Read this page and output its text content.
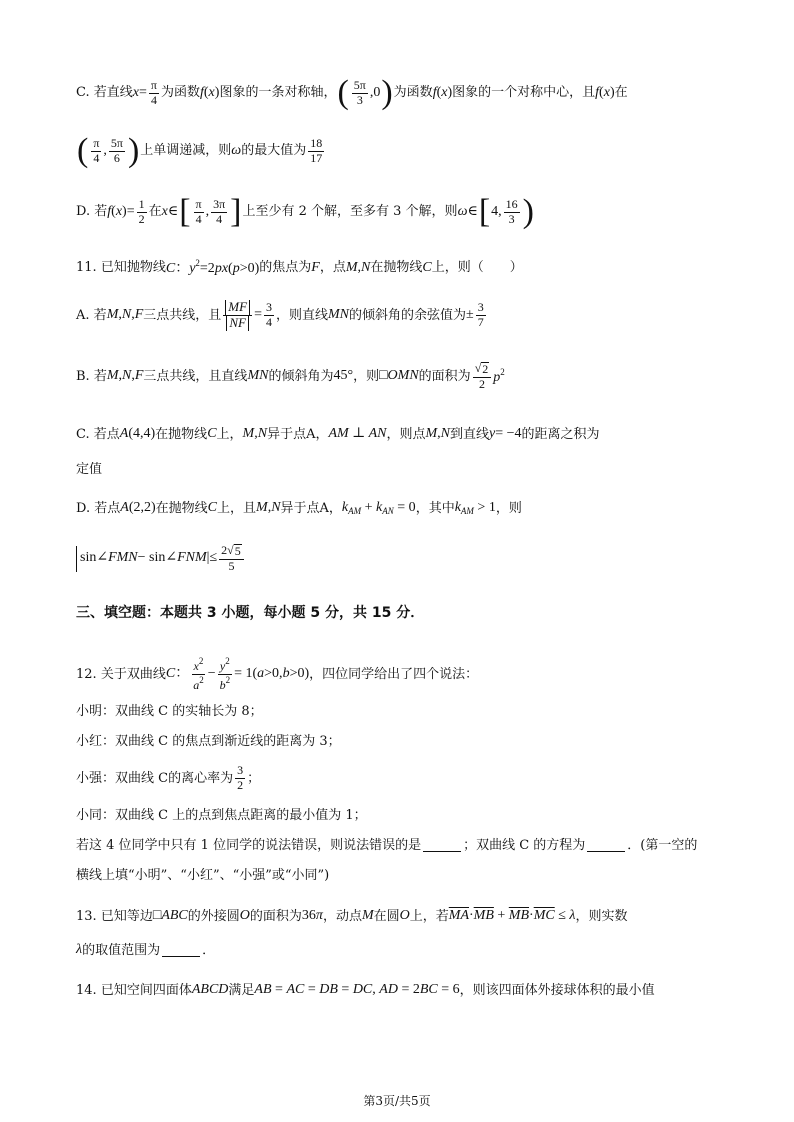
C.
若直线 $x= \frac{\pi}{4}$ 为函数 f(x) 图象的一条对称轴， ( $\frac{5\pi}{3} ,0$ ) 为函数 f(x) 图象的一个对称中心，且 f(x) 在
( $\frac{\pi}{4}$ , $\frac{5\pi}{6}$ ) 上单调递减，则 ω 的最大值为 $\frac{18}{17}$
D.
若 $f(x)= \frac{1}{2}$ 在 x∈ [ $\frac{\pi}{4}$ , $\frac{3\pi}{4}$ ] 上至少有 2 个解，至多有 3 个解，则 ω∈ [ 4, $\frac{16}{3}$ )
11.
已知抛物线 C：$y^2=2px(p>0)$ 的焦点为 F ，点 M,N 在抛物线 C 上，则（　　）
A.
若 M,N,F 三点共线，且 $\frac{MF}{NF} = \frac{3}{4}$ ，则直线 MN 的倾斜角的余弦值为 ± $\frac{3}{7}$
B.
若 M,N,F 三点共线，且直线 MN 的倾斜角为 45° ，则 □ OMN 的面积为 $\frac{√ 2}{2} p^2$
C.
若点 A(4,4) 在抛物线 C 上， M,N 异于点A， AM ⊥ AN ，则点 M,N 到直线 y= −4 的距离之积为
定值
D.
若点 A(2,2) 在抛物线 C 上，且 M,N 异于点A， $k_{AM} + k_{AN} = 0$ ，其中 $k_{AM} > 1$ ，则
sin∠ FMN − sin∠ FNM |≤ $\frac{2 √ 5}{5}$
三、填空题：本题共 3 小题，每小题 5 分，共 15 分．
12.
关于双曲线 C： $\frac{x^2}{a^2} - \frac{y^2}{b^2} = 1$( a>0,b>0) ，四位同学给出了四个说法：
小明：双曲线 C 的实轴长为 8；
小红：双曲线 C 的焦点到渐近线的距离为 3；
小强：双曲线 C的离心率为 $\frac{3}{2}$ ；
小同：双曲线 C 上的点到焦点距离的最小值为 1；
若这 4 位同学中只有 1 位同学的说法错误，则说法错误的是	；双曲线 C 的方程为	．(第一空的
横线上填“小明”、“小红”、“小强”或“小同”)
13.
已知等边 □ ABC 的外接圆 O 的面积为 36π ，动点 M 在圆 O 上，若 $\overline{MA}\cdot\overline{MB} + \overline{MB}\cdot\overline{MC} \le \lambda$ ，则实数
λ 的取值范围为	．
14.
已知空间四面体 ABCD 满足 AB = AC = DB = DC, AD = 2BC = 6 ，则该四面体外接球体积的最小值
第3页/共5页
